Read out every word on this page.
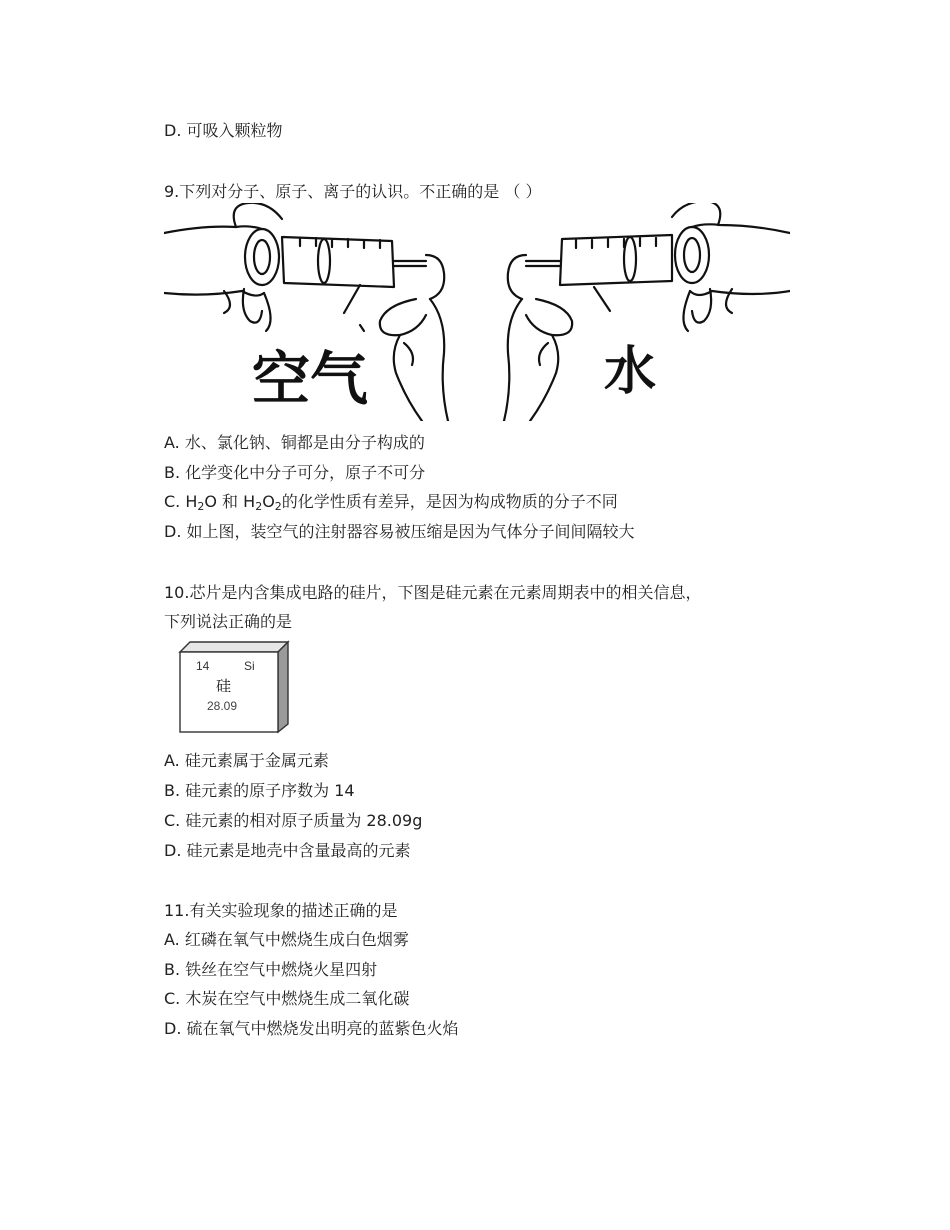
D. 可吸入颗粒物
9.下列对分子、原子、离子的认识。不正确的是 （ ）
空气	水
A. 水、氯化钠、铜都是由分子构成的
B. 化学变化中分子可分，原子不可分
C. $H_2O$ 和 $H_2O_2$的化学性质有差异，是因为构成物质的分子不同
D. 如上图，装空气的注射器容易被压缩是因为气体分子间间隔较大
10.芯片是内含集成电路的硅片，下图是硅元素在元素周期表中的相关信息，
下列说法正确的是
14	Si
硅
28.09
A. 硅元素属于金属元素
B. 硅元素的原子序数为 14
C. 硅元素的相对原子质量为 28.09g
D. 硅元素是地壳中含量最高的元素
11.有关实验现象的描述正确的是
A. 红磷在氧气中燃烧生成白色烟雾
B. 铁丝在空气中燃烧火星四射
C. 木炭在空气中燃烧生成二氧化碳
D. 硫在氧气中燃烧发出明亮的蓝紫色火焰
